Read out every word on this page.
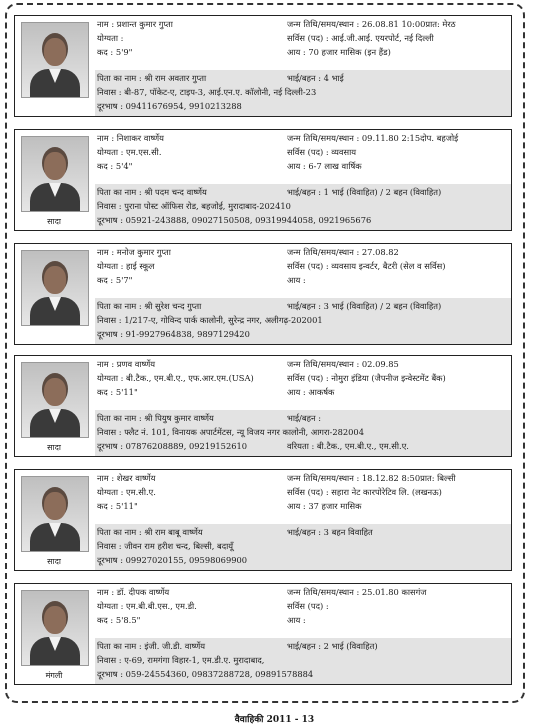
नाम : प्रशान्त कुमार गुप्ता	जन्म तिथि/समय/स्थान : 26.08.81 10:00प्रात: मेरठ
योग्यता :	सर्विस (पद) : आई.जी.आई. एयरपोर्ट, नई दिल्ली
कद : 5'9"	आय : 70 हजार मासिक (इन हैंड)
पिता का नाम : श्री राम अवतार गुप्ता	भाई/बहन : 4 भाई
निवास : बी-87, पॉकेट-ए, टाइप-3, आई.एन.ए. कॉलोनी, नई दिल्ली-23
दूरभाष : 09411676954, 9910213288
सादा
नाम : निशाकर वार्ष्णेय	जन्म तिथि/समय/स्थान : 09.11.80 2:15दोप. बहजोई
योग्यता : एम.एस.सी.	सर्विस (पद) : व्यवसाय
कद : 5'4"	आय : 6-7 लाख वार्षिक
पिता का नाम : श्री पदम चन्द वार्ष्णेय	भाई/बहन : 1 भाई (विवाहित) / 2 बहन (विवाहित)
निवास : पुराना पोस्ट ऑफिस रोड, बहजोई, मुरादाबाद-202410
दूरभाष : 05921-243888, 09027150508, 09319944058, 0921965676
नाम : मनोज कुमार गुप्ता	जन्म तिथि/समय/स्थान : 27.08.82
योग्यता : हाई स्कूल	सर्विस (पद) : व्यवसाय इन्वर्टर, बैटरी (सेल व सर्विस)
कद : 5'7"	आय :
पिता का नाम : श्री सुरेश चन्द गुप्ता	भाई/बहन : 3 भाई (विवाहित) / 2 बहन (विवाहित)
निवास : 1/217-ए, गोविन्द पार्क कालोनी, सुरेन्द्र नगर, अलीगढ़-202001
दूरभाष : 91-9927964838, 9897129420
सादा
नाम : प्रणव वार्ष्णेय	जन्म तिथि/समय/स्थान : 02.09.85
योग्यता : बी.टैक., एम.बी.ए., एफ.आर.एम.(USA)	सर्विस (पद) : नोमुरा इंडिया (जैपनीज इन्वेस्टमेंट बैंक)
कद : 5'11"	आय : आकर्षक
पिता का नाम : श्री पियुष कुमार वार्ष्णेय	भाई/बहन :
निवास : फ्लैट नं. 101, विनायक अपार्टमेंटस, न्यू विजय नगर कालोनी, आगरा-282004
दूरभाष : 07876208889, 09219152610	वरियता : बी.टैक., एम.बी.ए., एम.सी.ए.
सादा
नाम : शेखर वार्ष्णेय	जन्म तिथि/समय/स्थान : 18.12.82 8:50प्रात: बिल्सी
योग्यता : एम.सी.ए.	सर्विस (पद) : सहारा नेट कारपोरेटिव लि. (लखनऊ)
कद : 5'11"	आय : 37 हजार मासिक
पिता का नाम : श्री राम बाबू वार्ष्णेय	भाई/बहन : 3 बहन विवाहित
निवास : जीवन राम हरीश चन्द, बिल्सी, बदायूँ
दूरभाष : 09927020155, 09598069900
मंगली
नाम : डॉ. दीपक वार्ष्णेय	जन्म तिथि/समय/स्थान : 25.01.80 कासगंज
योग्यता : एम.बी.बी.एस., एम.डी.	सर्विस (पद) :
कद : 5'8.5"	आय :
पिता का नाम : इंजी. जी.डी. वार्ष्णेय	भाई/बहन : 2 भाई (विवाहित)
निवास : ए-69, रामगंगा विहार-1, एम.डी.ए. मुरादाबाद,
दूरभाष : 059-24554360, 09837288728, 09891578884
वैवाहिकी 2011 - 13
